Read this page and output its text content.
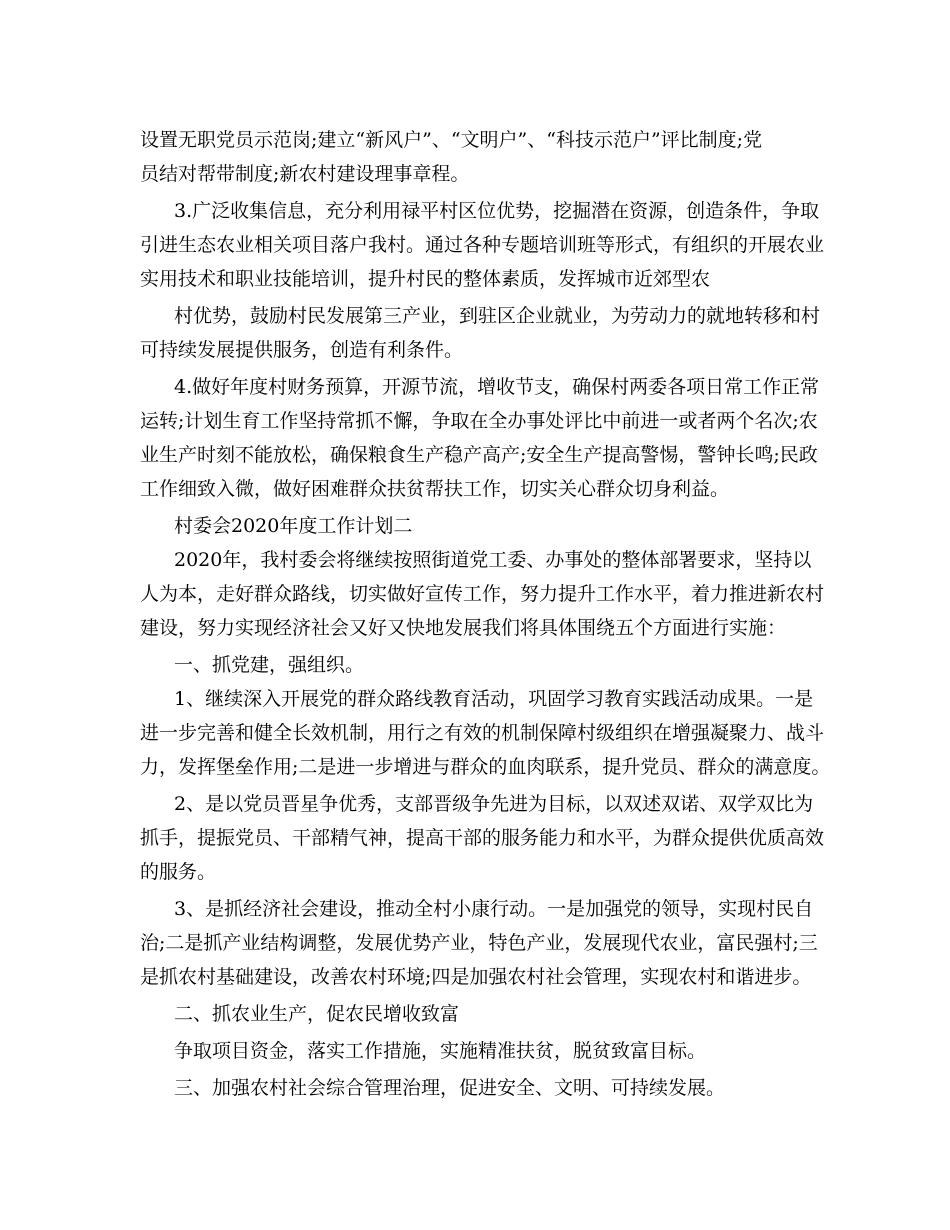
设置无职党员示范岗;建立“新风户”、“文明户”、“科技示范户”评比制度;党

员结对帮带制度;新农村建设理事章程。

3.广泛收集信息，充分利用禄平村区位优势，挖掘潜在资源，创造条件，争取

引进生态农业相关项目落户我村。通过各种专题培训班等形式，有组织的开展农业

实用技术和职业技能培训，提升村民的整体素质，发挥城市近郊型农

村优势，鼓励村民发展第三产业，到驻区企业就业，为劳动力的就地转移和村

可持续发展提供服务，创造有利条件。

4.做好年度村财务预算，开源节流，增收节支，确保村两委各项日常工作正常

运转;计划生育工作坚持常抓不懈，争取在全办事处评比中前进一或者两个名次;农

业生产时刻不能放松，确保粮食生产稳产高产;安全生产提高警惕，警钟长鸣;民政

工作细致入微，做好困难群众扶贫帮扶工作，切实关心群众切身利益。

村委会2020年度工作计划二

2020年，我村委会将继续按照街道党工委、办事处的整体部署要求，坚持以

人为本，走好群众路线，切实做好宣传工作，努力提升工作水平，着力推进新农村

建设，努力实现经济社会又好又快地发展我们将具体围绕五个方面进行实施：

一、抓党建，强组织。

1、继续深入开展党的群众路线教育活动，巩固学习教育实践活动成果。一是

进一步完善和健全长效机制，用行之有效的机制保障村级组织在增强凝聚力、战斗

力，发挥堡垒作用;二是进一步增进与群众的血肉联系，提升党员、群众的满意度。

2、是以党员晋星争优秀，支部晋级争先进为目标，以双述双诺、双学双比为

抓手，提振党员、干部精气神，提高干部的服务能力和水平，为群众提供优质高效

的服务。

3、是抓经济社会建设，推动全村小康行动。一是加强党的领导，实现村民自

治;二是抓产业结构调整，发展优势产业，特色产业，发展现代农业，富民强村;三

是抓农村基础建设，改善农村环境;四是加强农村社会管理，实现农村和谐进步。

二、抓农业生产，促农民增收致富

争取项目资金，落实工作措施，实施精准扶贫，脱贫致富目标。

三、加强农村社会综合管理治理，促进安全、文明、可持续发展。
